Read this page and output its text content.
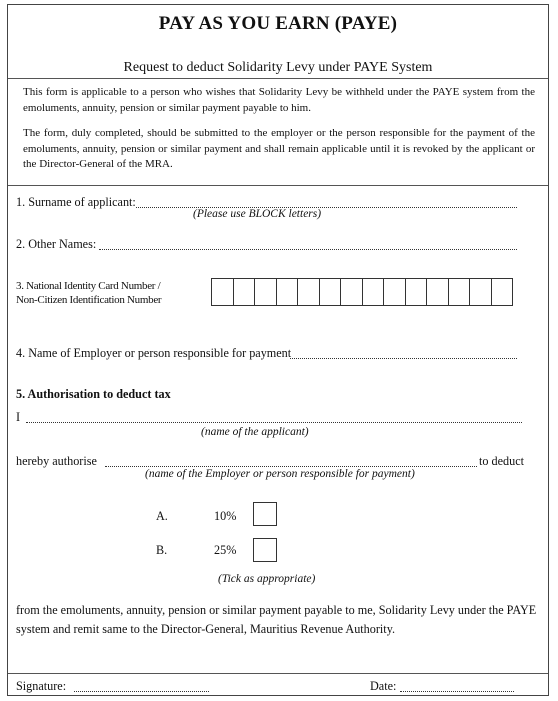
PAY AS YOU EARN (PAYE)
Request to deduct Solidarity Levy under PAYE System
This form is applicable to a person who wishes that Solidarity Levy be withheld under the PAYE system from the emoluments, annuity, pension or similar payment payable to him.
The form, duly completed, should be submitted to the employer or the person responsible for the payment of the emoluments, annuity, pension or similar payment and shall remain applicable until it is revoked by the applicant or the Director-General of the MRA.
1. Surname of applicant:
(Please use BLOCK letters)
2. Other Names:
3. National Identity Card Number /
Non-Citizen Identification Number
4. Name of Employer or person responsible for payment
5. Authorisation to deduct tax
I
(name of the applicant)
hereby authorise	to deduct
(name of the Employer or person responsible for payment)
A.	10%
B.	25%
(Tick as appropriate)
from the emoluments, annuity, pension or similar payment payable to me, Solidarity Levy under the PAYE system and remit same to the Director-General, Mauritius Revenue Authority.
Signature:	Date:
